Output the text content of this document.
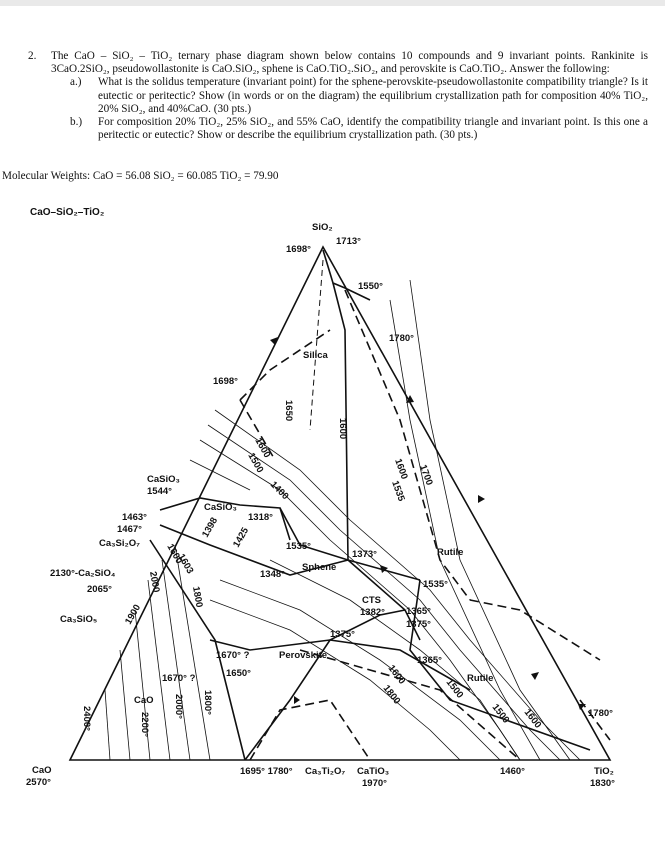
2.	The CaO – SiO₂ – TiO₂ ternary phase diagram shown below contains 10 compounds and 9 invariant points. Rankinite is 3CaO.2SiO₂, pseudowollastonite is CaO.SiO₂, sphene is CaO.TiO₂.SiO₂, and perovskite is CaO.TiO₂. Answer the following:

a.)	What is the solidus temperature (invariant point) for the sphene-perovskite-pseudowollastonite compatibility triangle? Is it eutectic or peritectic? Show (in words or on the diagram) the equilibrium crystallization path for composition 40% TiO₂, 20% SiO₂, and 40%CaO. (30 pts.)

b.)	For composition 20% TiO₂, 25% SiO₂, and 55% CaO, identify the compatibility triangle and invariant point. Is this one a peritectic or eutectic? Show or describe the equilibrium crystallization path. (30 pts.)

Molecular Weights: CaO = 56.08 SiO₂ = 60.085 TiO₂ = 79.90
CaO–SiO₂–TiO₂
SiO₂
1698°
1713°
1550°
1780°
Silica
1698°
1650
1600
1600
1500
1400
1600
1535
1700
CaSiO₃
1544°
CaSiO₃
1318°
1463°
1467°
Ca₃Si₂O₇
1398 1425	1535°
1373°	Rutile
2130°-Ca₂SiO₄
2065°
1348°
Sphene
1535°
Ca₃SiO₅
CTS
1382° 1365°
1375°
1375°
Perovskite
1670° ?
1670° ?	1650°
1365°
Rutile
CaO
1600
1500
1800
1500 1600	1780°
2400°	2200°
2000° 1800°
2000
1800
1900
1600
1603
CaO
2570°
1695° 1780° Ca₃Ti₂O₇ CaTiO₃
1970°
1460°	TiO₂
1830°
